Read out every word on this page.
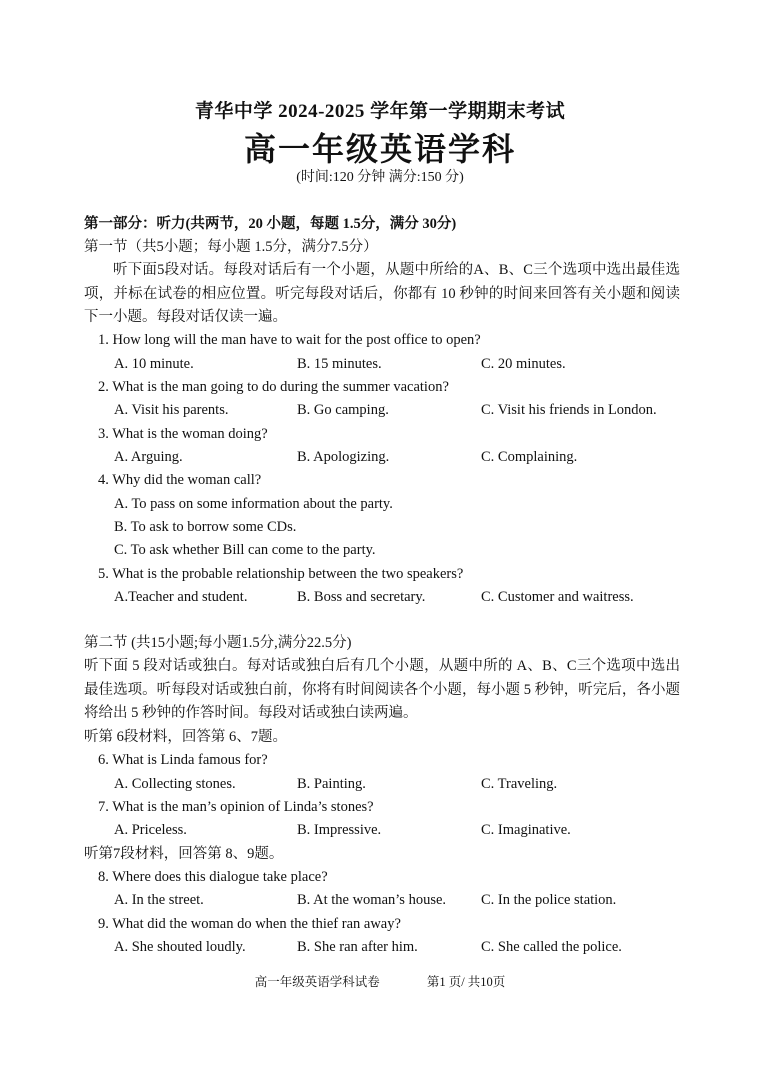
青华中学 2024-2025 学年第一学期期末考试
高一年级英语学科
(时间:120 分钟 满分:150 分)
第一部分：听力(共两节，20 小题，每题 1.5分，满分 30分)
第一节（共5小题；每小题 1.5分，满分7.5分）
听下面5段对话。每段对话后有一个小题，从题中所给的A、B、C三个选项中选出最佳选项，并标在试卷的相应位置。听完每段对话后，你都有 10 秒钟的时间来回答有关小题和阅读下一小题。每段对话仅读一遍。
1. How long will the man have to wait for the post office to open?
A. 10 minute.	B. 15 minutes.	C. 20 minutes.
2. What is the man going to do during the summer vacation?
A. Visit his parents.	B. Go camping.	C. Visit his friends in London.
3. What is the woman doing?
A. Arguing.	B. Apologizing.	C. Complaining.
4. Why did the woman call?
A. To pass on some information about the party.
B. To ask to borrow some CDs.
C. To ask whether Bill can come to the party.
5. What is the probable relationship between the two speakers?
A.Teacher and student.	B. Boss and secretary.	C. Customer and waitress.
第二节 (共15小题;每小题1.5分,满分22.5分)
听下面 5 段对话或独白。每对话或独白后有几个小题，从题中所的 A、B、C三个选项中选出最佳选项。听每段对话或独白前，你将有时间阅读各个小题，每小题 5 秒钟，听完后，各小题将给出 5 秒钟的作答时间。每段对话或独白读两遍。
听第 6段材料，回答第 6、7题。
6. What is Linda famous for?
A. Collecting stones.	B. Painting.	C. Traveling.
7. What is the man’s opinion of Linda’s stones?
A. Priceless.	B. Impressive.	C. Imaginative.
听第7段材料，回答第 8、9题。
8. Where does this dialogue take place?
A. In the street.	B. At the woman’s house. C. In the police station.
9. What did the woman do when the thief ran away?
A. She shouted loudly.	B. She ran after him.	C. She called the police.
高一年级英语学科试卷	第1 页/ 共10页
